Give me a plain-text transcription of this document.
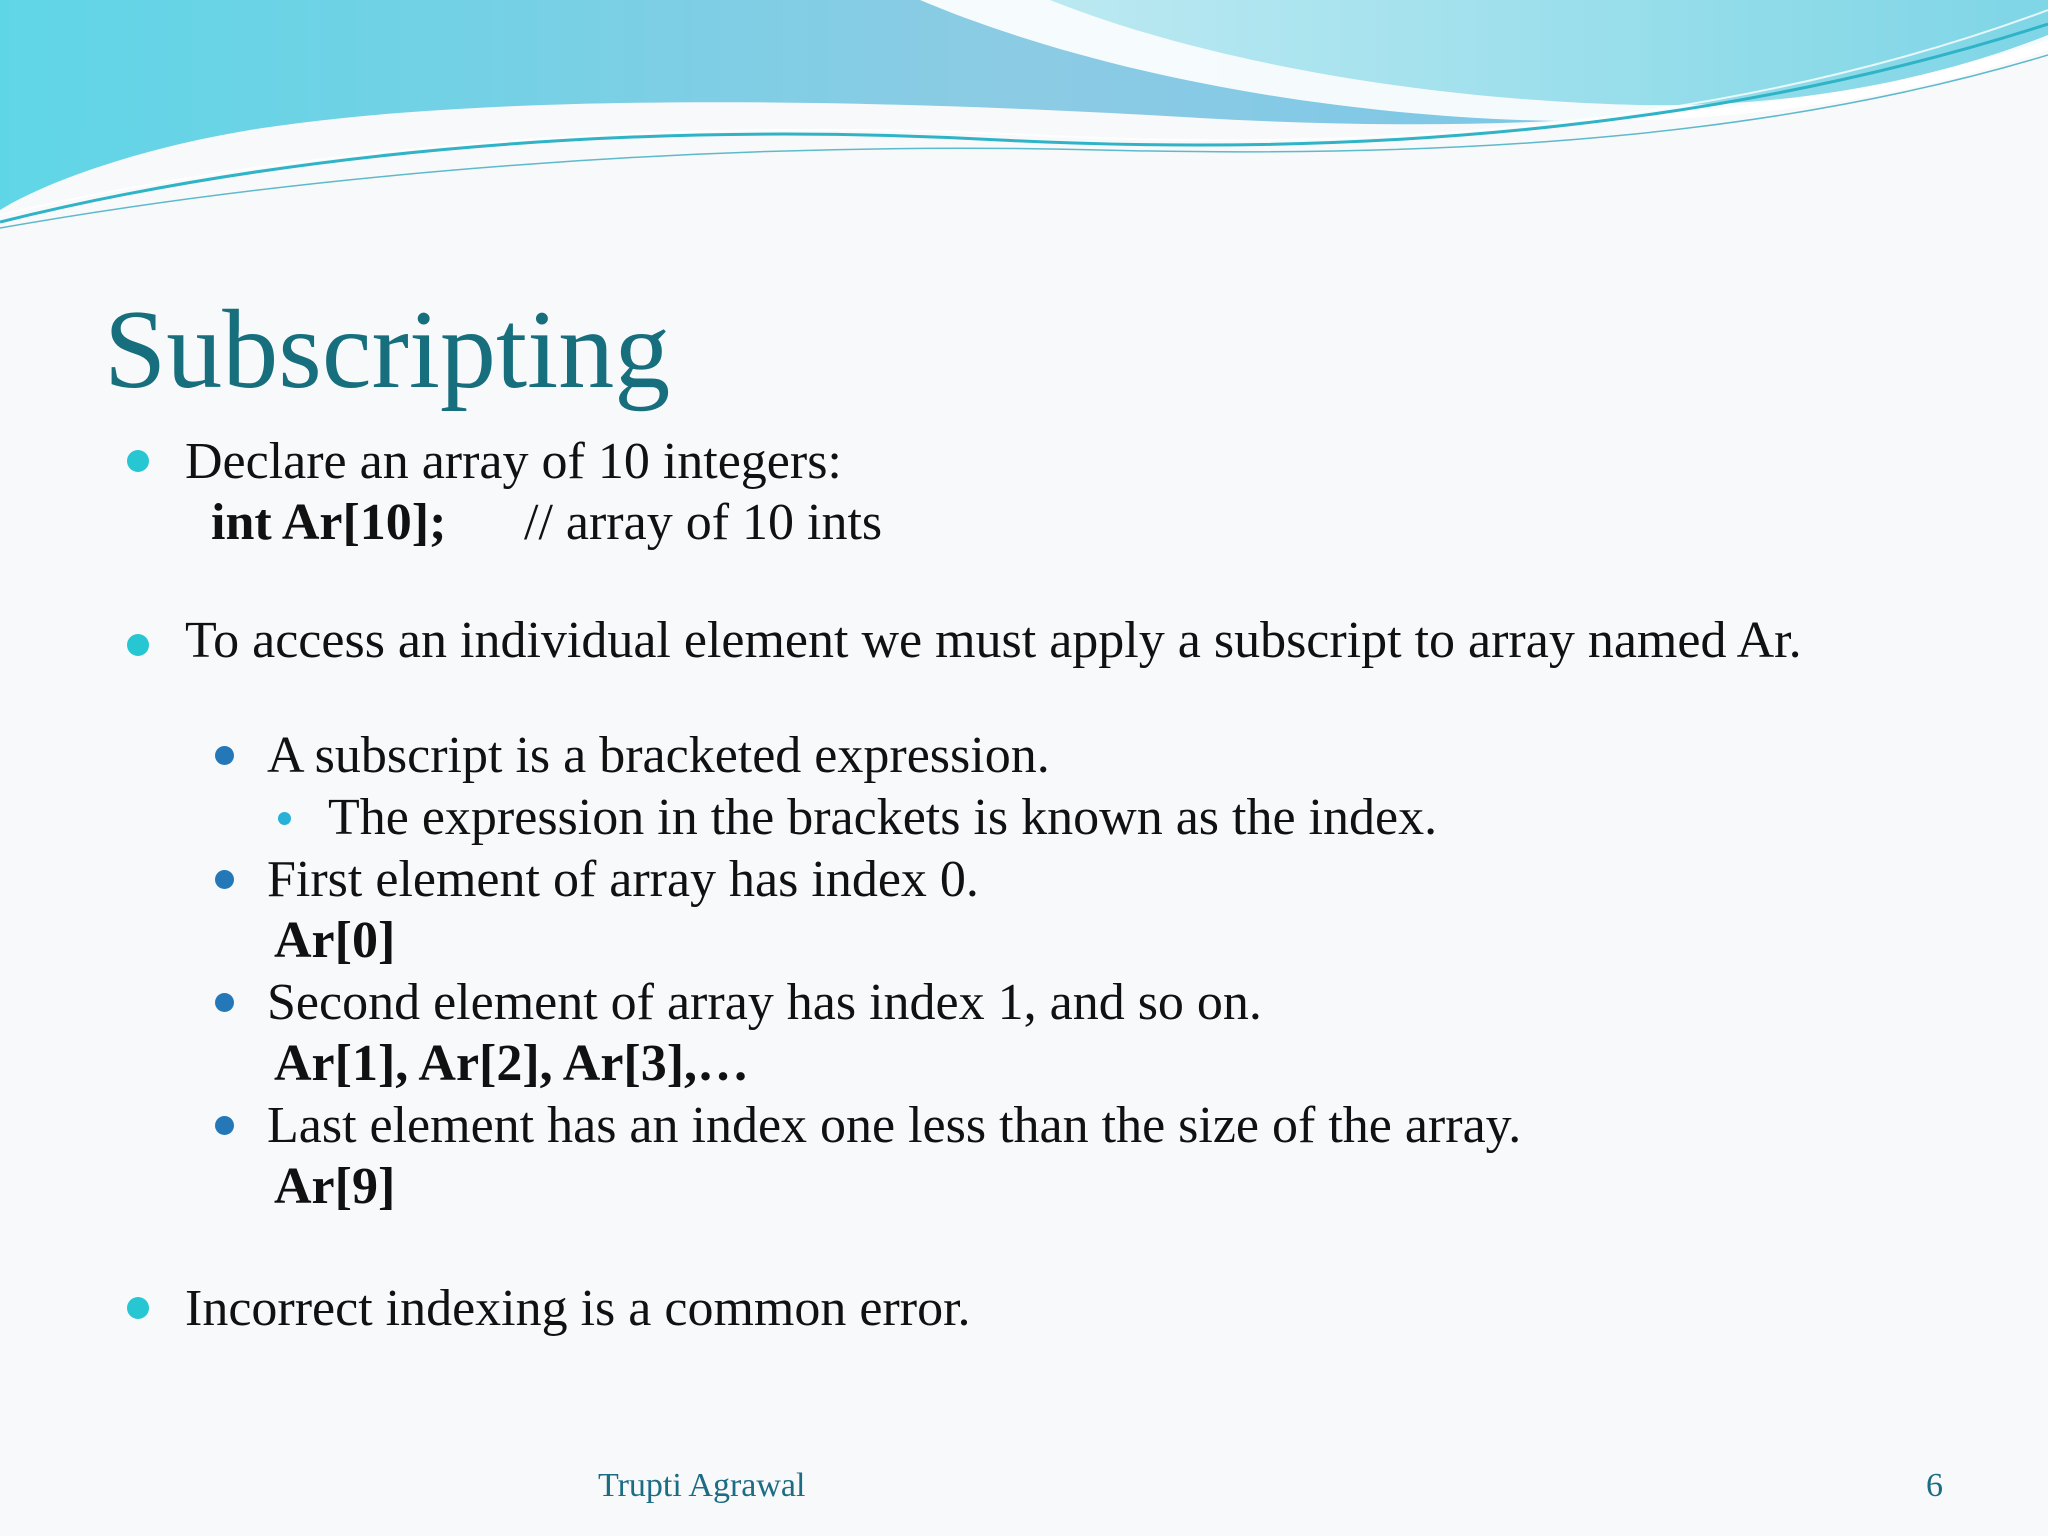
Subscripting
Declare an array of 10 integers:
int Ar[10]; // array of 10 ints
To access an individual element we must apply a subscript to array named Ar.
A subscript is a bracketed expression.
The expression in the brackets is known as the index.
First element of array has index 0.
Ar[0]
Second element of array has index 1, and so on.
Ar[1], Ar[2], Ar[3],…
Last element has an index one less than the size of the array.
Ar[9]
Incorrect indexing is a common error.
Trupti Agrawal	6
